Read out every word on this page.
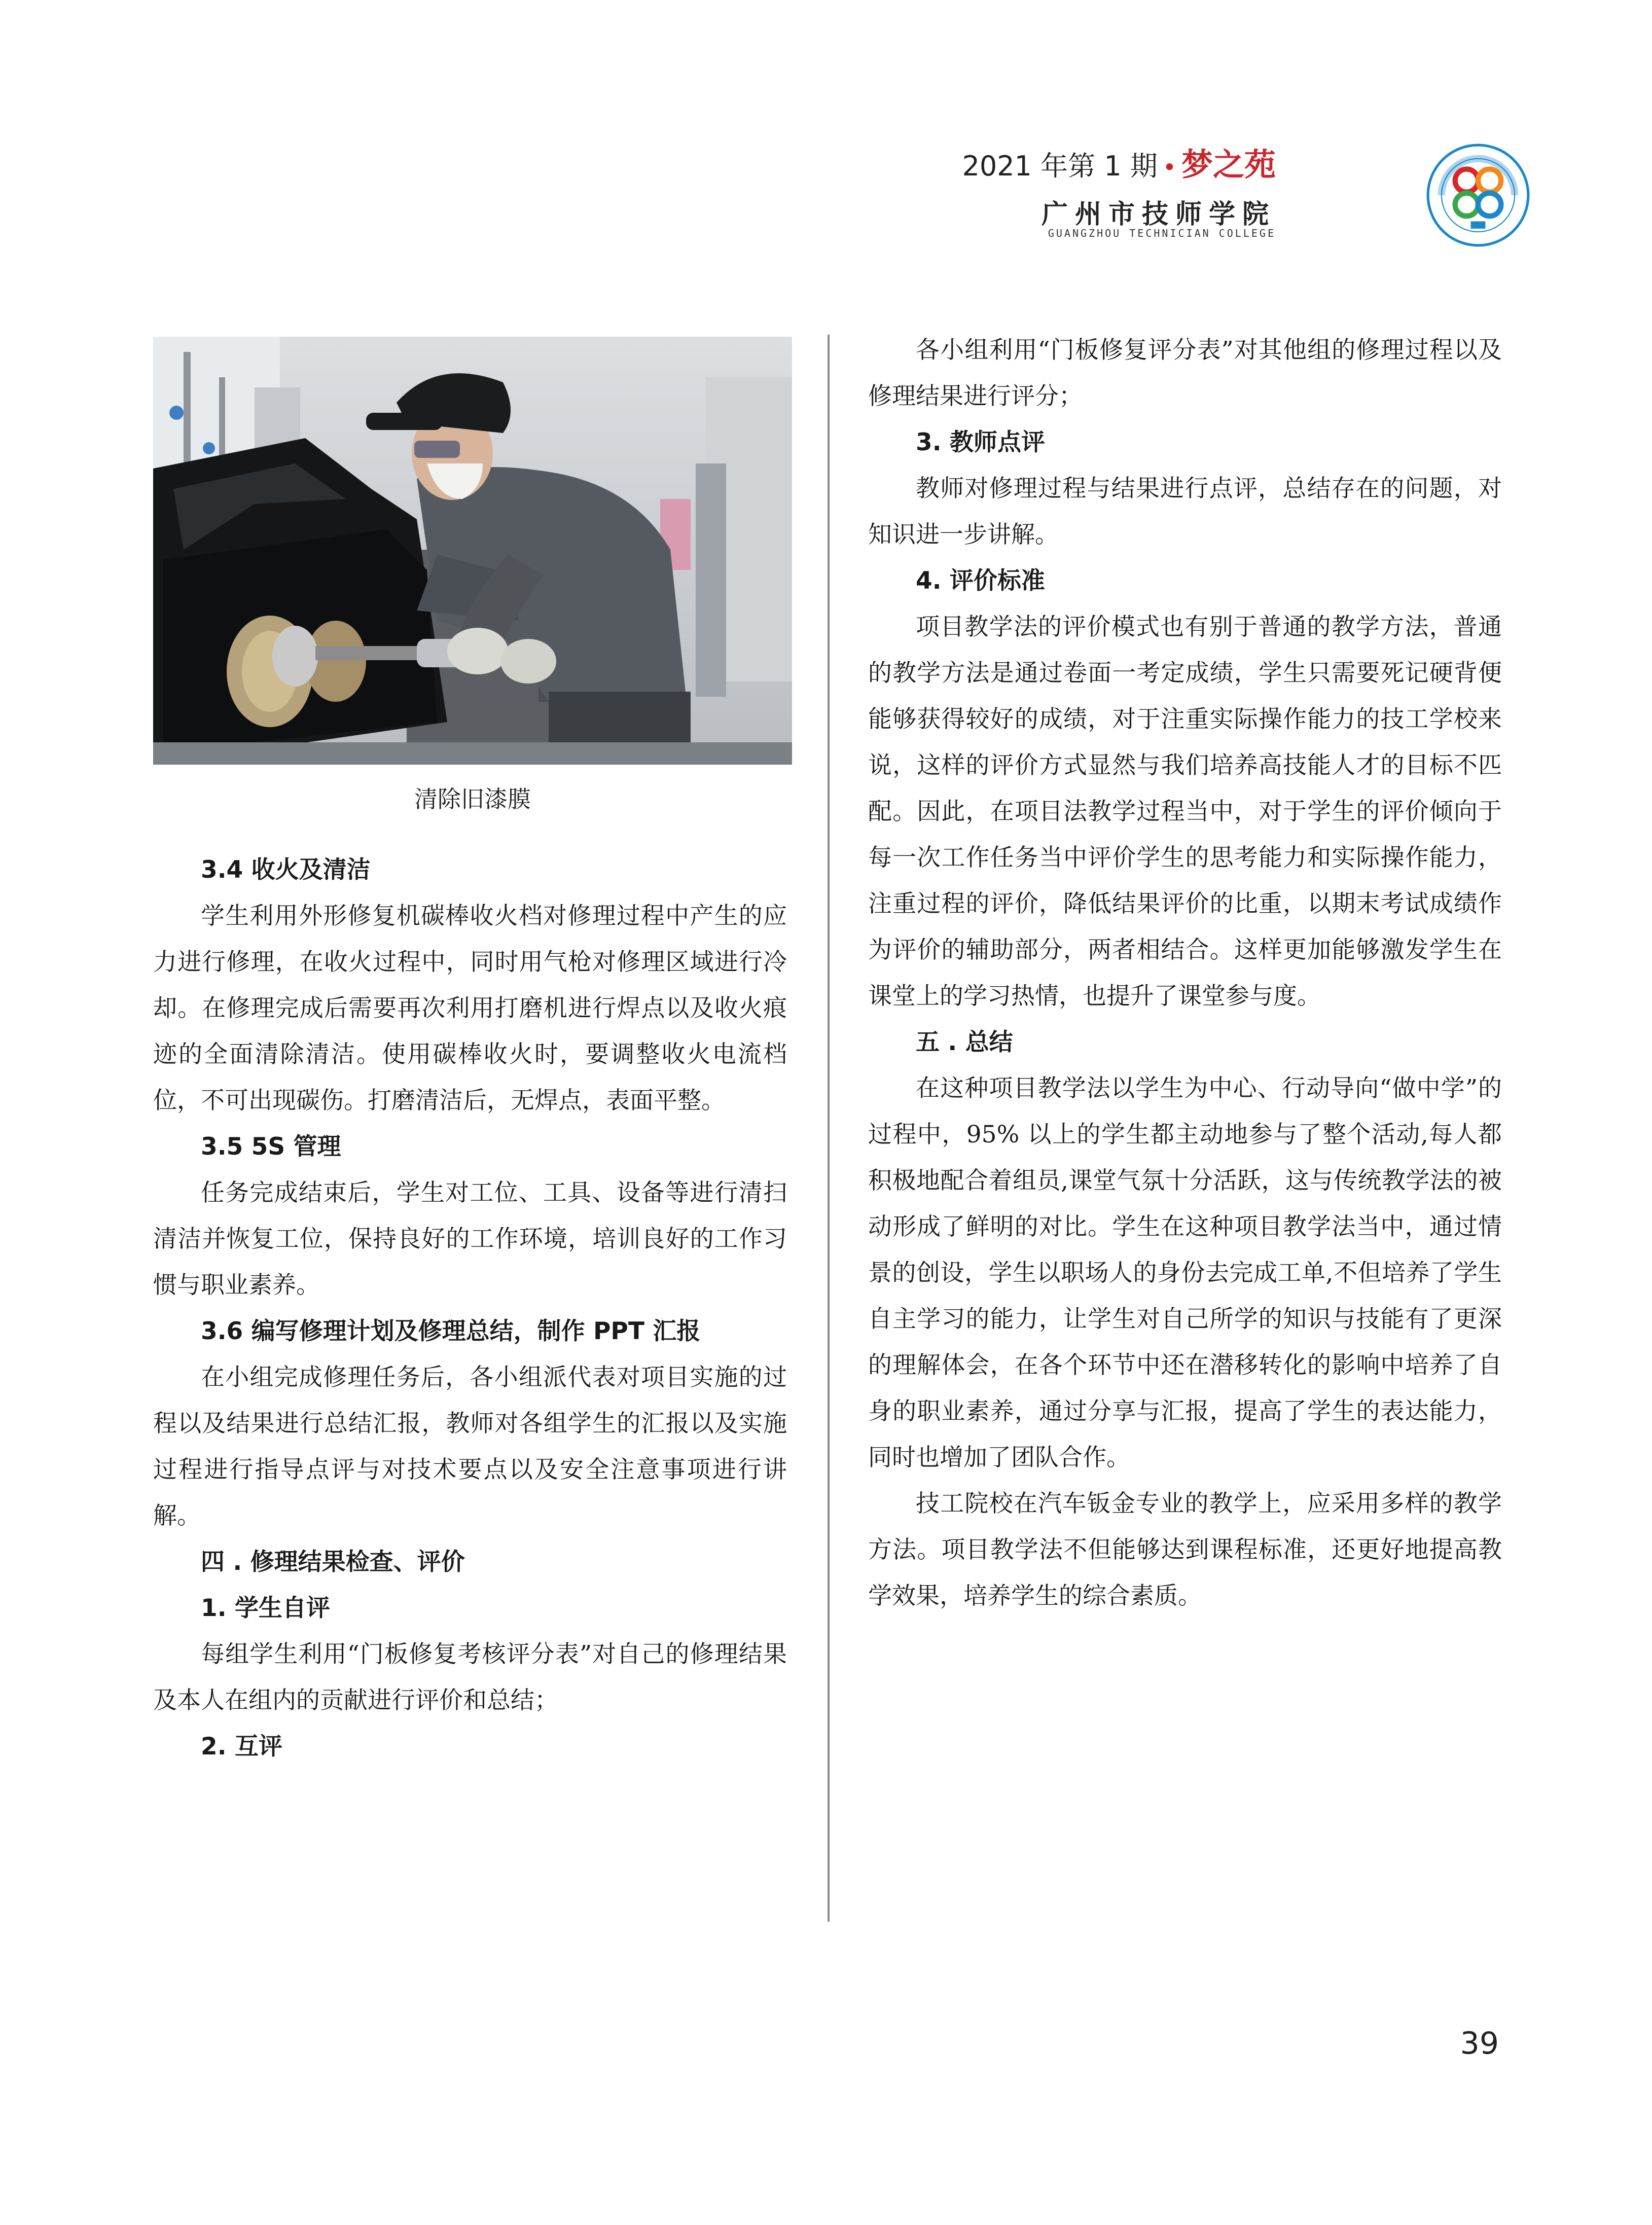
2021 年第 1 期 • 梦之苑
广州市技师学院
GUANGZHOU TECHNICIAN COLLEGE
清除旧漆膜

3.4 收火及清洁

学生利用外形修复机碳棒收火档对修理过程中产生的应力进行修理，在收火过程中，同时用气枪对修理区域进行冷却。在修理完成后需要再次利用打磨机进行焊点以及收火痕迹的全面清除清洁。使用碳棒收火时，要调整收火电流档位，不可出现碳伤。打磨清洁后，无焊点，表面平整。

3.5 5S 管理

任务完成结束后，学生对工位、工具、设备等进行清扫清洁并恢复工位，保持良好的工作环境，培训良好的工作习惯与职业素养。

3.6 编写修理计划及修理总结，制作 PPT 汇报

在小组完成修理任务后，各小组派代表对项目实施的过程以及结果进行总结汇报，教师对各组学生的汇报以及实施过程进行指导点评与对技术要点以及安全注意事项进行讲解。

四 . 修理结果检查、评价

1. 学生自评

每组学生利用“门板修复考核评分表”对自己的修理结果及本人在组内的贡献进行评价和总结；

2. 互评

各小组利用“门板修复评分表”对其他组的修理过程以及修理结果进行评分；

3. 教师点评

教师对修理过程与结果进行点评，总结存在的问题，对知识进一步讲解。

4. 评价标准

项目教学法的评价模式也有别于普通的教学方法，普通的教学方法是通过卷面一考定成绩，学生只需要死记硬背便能够获得较好的成绩，对于注重实际操作能力的技工学校来说，这样的评价方式显然与我们培养高技能人才的目标不匹配。因此，在项目法教学过程当中，对于学生的评价倾向于每一次工作任务当中评价学生的思考能力和实际操作能力，注重过程的评价，降低结果评价的比重，以期末考试成绩作为评价的辅助部分，两者相结合。这样更加能够激发学生在课堂上的学习热情，也提升了课堂参与度。

五 . 总结

在这种项目教学法以学生为中心、行动导向“做中学”的过程中，95% 以上的学生都主动地参与了整个活动,每人都积极地配合着组员,课堂气氛十分活跃，这与传统教学法的被动形成了鲜明的对比。学生在这种项目教学法当中，通过情景的创设，学生以职场人的身份去完成工单,不但培养了学生自主学习的能力，让学生对自己所学的知识与技能有了更深的理解体会，在各个环节中还在潜移转化的影响中培养了自身的职业素养，通过分享与汇报，提高了学生的表达能力，同时也增加了团队合作。

技工院校在汽车钣金专业的教学上，应采用多样的教学方法。项目教学法不但能够达到课程标准，还更好地提高教学效果，培养学生的综合素质。

39
